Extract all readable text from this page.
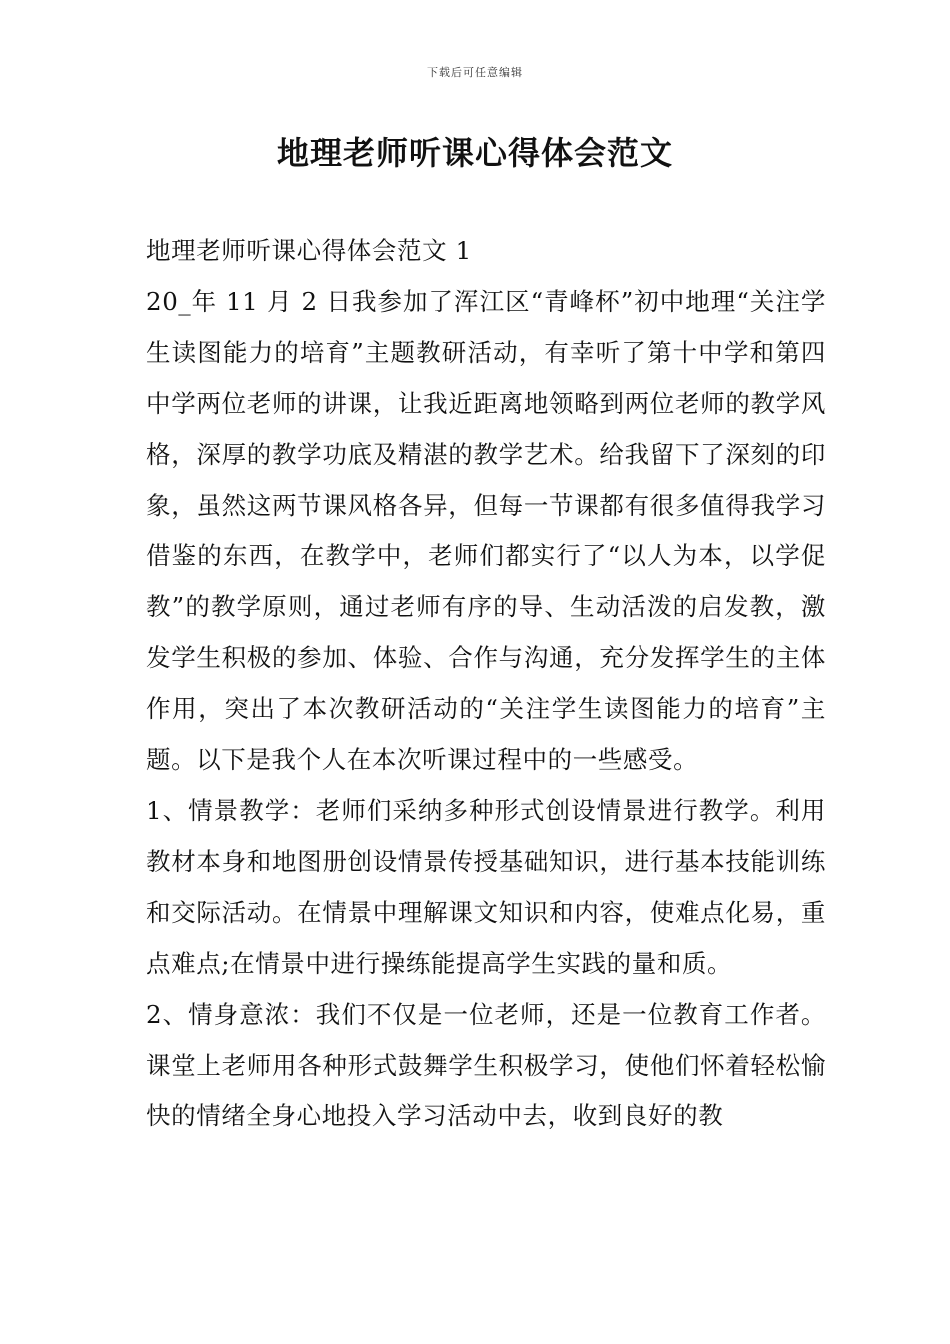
下载后可任意编辑
地理老师听课心得体会范文

地理老师听课心得体会范文 1

20_年 11 月 2 日我参加了浑江区“青峰杯”初中地理“关注学生读图能力的培育”主题教研活动，有幸听了第十中学和第四中学两位老师的讲课，让我近距离地领略到两位老师的教学风格，深厚的教学功底及精湛的教学艺术。给我留下了深刻的印象，虽然这两节课风格各异，但每一节课都有很多值得我学习借鉴的东西，在教学中，老师们都实行了“以人为本，以学促教”的教学原则，通过老师有序的导、生动活泼的启发教，激发学生积极的参加、体验、合作与沟通，充分发挥学生的主体作用，突出了本次教研活动的“关注学生读图能力的培育”主题。以下是我个人在本次听课过程中的一些感受。

1、情景教学：老师们采纳多种形式创设情景进行教学。利用教材本身和地图册创设情景传授基础知识，进行基本技能训练和交际活动。在情景中理解课文知识和内容，使难点化易，重点难点;在情景中进行操练能提高学生实践的量和质。

2、情身意浓：我们不仅是一位老师，还是一位教育工作者。课堂上老师用各种形式鼓舞学生积极学习，使他们怀着轻松愉快的情绪全身心地投入学习活动中去，收到良好的教
